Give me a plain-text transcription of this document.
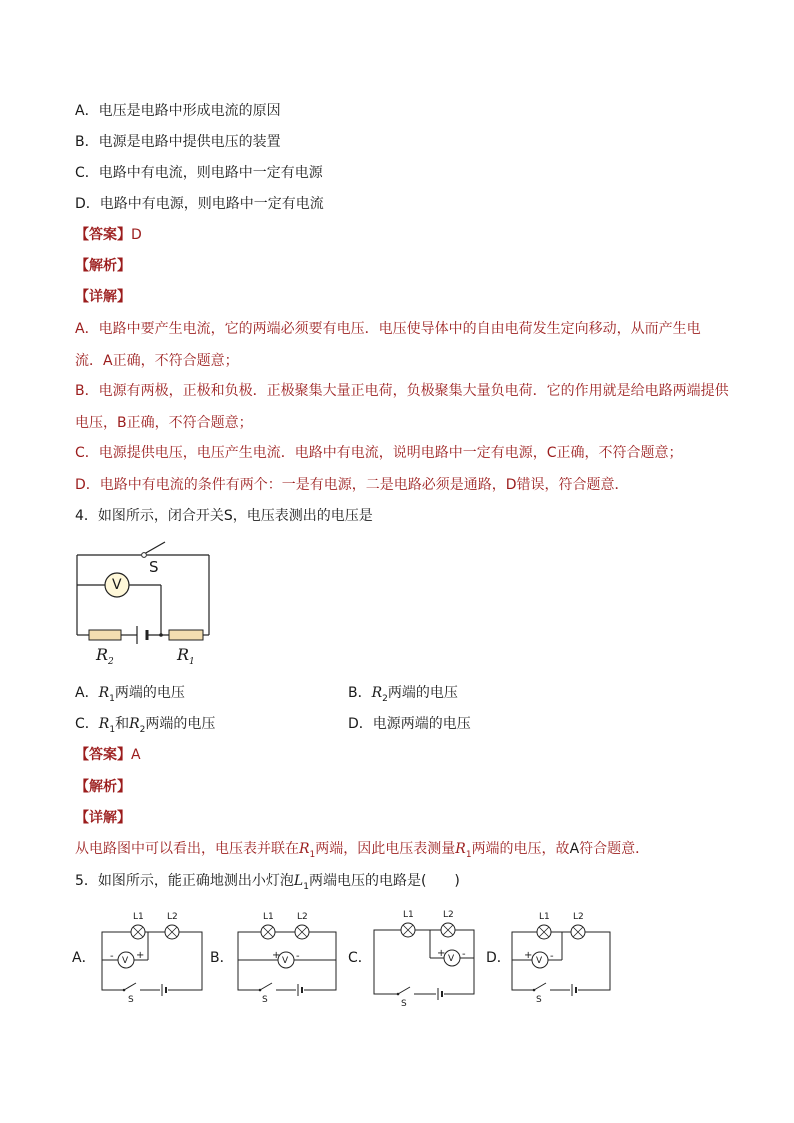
A．电压是电路中形成电流的原因
B．电源是电路中提供电压的装置
C．电路中有电流，则电路中一定有电源
D．电路中有电源，则电路中一定有电流
【答案】D
【解析】
【详解】
A．电路中要产生电流，它的两端必须要有电压．电压使导体中的自由电荷发生定向移动，从而产生电
流．A正确，不符合题意；
B．电源有两极，正极和负极．正极聚集大量正电荷，负极聚集大量负电荷．它的作用就是给电路两端提供
电压，B正确，不符合题意；
C．电源提供电压，电压产生电流．电路中有电流，说明电路中一定有电源，C正确，不符合题意；
D．电路中有电流的条件有两个：一是有电源，二是电路必须是通路，D错误，符合题意．
4．如图所示，闭合开关S，电压表测出的电压是
S
V
$R_2$	$R_1$
A．$R_1$两端的电压	B．$R_2$两端的电压
C．$R_1$和$R_2$两端的电压	D．电源两端的电压
【答案】A
【解析】
【详解】
从电路图中可以看出，电压表并联在$R_1$两端，因此电压表测量$R_1$两端的电压，故A符合题意．
5．如图所示，能正确地测出小灯泡$L_1$两端电压的电路是(　　)
A．
L1	L2
V
- +
S
B．
L1	L2
V
+ -
S
C．
L1	L2
V
+ -
S
D．
L1	L2
V
+ -
S
